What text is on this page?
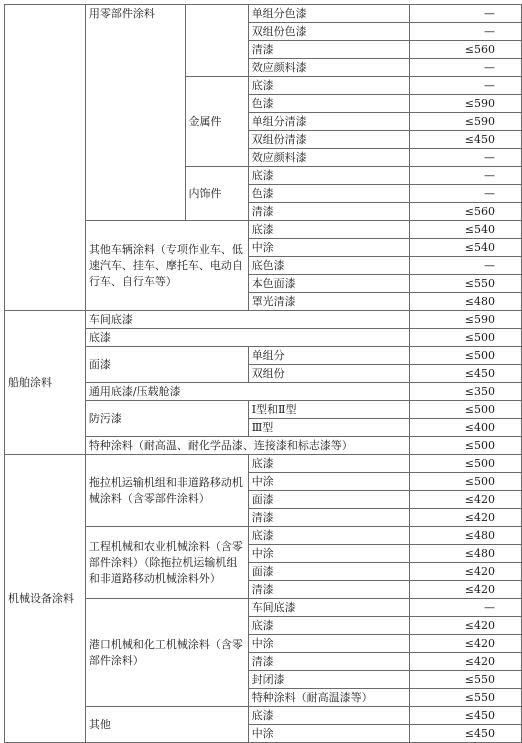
	用零部件涂料		单组分色漆	—
			双组份色漆	—
			清漆	≤560
			效应颜料漆	—
		金属件	底漆	—
			色漆	≤590
			单组分清漆	≤590
			双组份清漆	≤450
			效应颜料漆	—
		内饰件	底漆	—
			色漆	—
			清漆	≤560
	其他车辆涂料（专项作业车、低速汽车、挂车、摩托车、电动自行车、自行车等）		底漆	≤540
			中涂	≤540
			底色漆	—
			本色面漆	≤550
			罩光清漆	≤480
船舶涂料	车间底漆			≤590
	底漆			≤500
	面漆		单组分	≤500
			双组份	≤450
	通用底漆/压载舱漆			≤350
	防污漆		Ⅰ型和Ⅱ型	≤500
			Ⅲ型	≤400
	特种涂料（耐高温、耐化学品漆、连接漆和标志漆等）			≤500
机械设备涂料	拖拉机运输机组和非道路移动机械涂料（含零部件涂料）		底漆	≤500
			中涂	≤500
			面漆	≤420
			清漆	≤420
	工程机械和农业机械涂料（含零部件涂料）（除拖拉机运输机组和非道路移动机械涂料外）		底漆	≤480
			中涂	≤480
			面漆	≤420
			清漆	≤420
	港口机械和化工机械涂料（含零部件涂料）		车间底漆	—
			底漆	≤420
			中涂	≤420
			清漆	≤420
			封闭漆	≤550
			特种涂料（耐高温漆等）	≤550
	其他		底漆	≤450
			中涂	≤450
